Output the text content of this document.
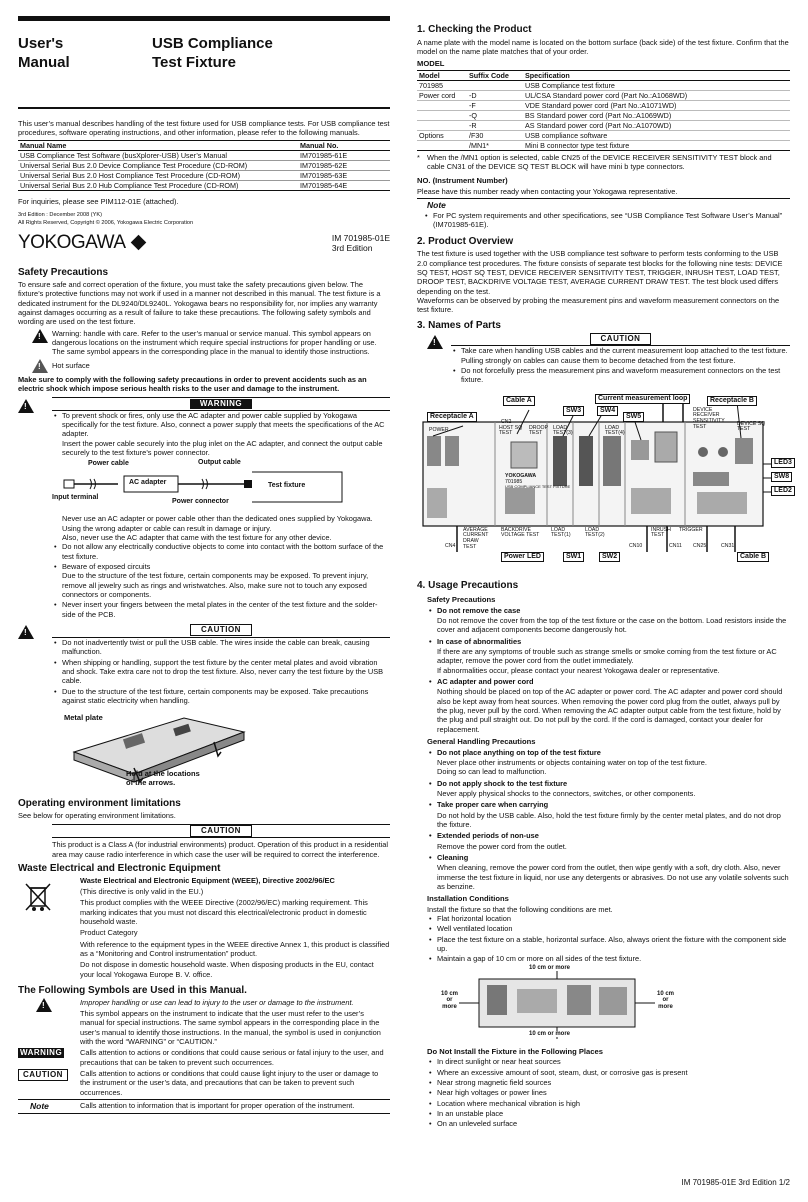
User's
Manual
USB Compliance
Test Fixture

This user’s manual describes handling of the test fixture used for USB compliance tests. For USB compliance test procedures, software operating instructions, and other information, please refer to the following manuals.

Manual Name	Manual No.
USB Compliance Test Software (busXplorer-USB) User’s Manual	IM701985-61E
Universal Serial Bus 2.0 Device Compliance Test Procedure (CD-ROM)	IM701985-62E
Universal Serial Bus 2.0 Host Compliance Test Procedure (CD-ROM)	IM701985-63E
Universal Serial Bus 2.0 Hub Compliance Test Procedure (CD-ROM)	IM701985-64E

For inquiries, please see PIM112-01E (attached).

3rd Edition : December 2008 (YK)
All Rights Reserved, Copyright © 2006, Yokogawa Electric Corporation
YOKOGAWA	IM 701985-01E
3rd Edition
Safety Precautions

To ensure safe and correct operation of the fixture, you must take the safety precautions given below. The fixture’s protective functions may not work if used in a manner not described in this manual. The test fixture is a dedicated instrument for the DL9240/DL9240L. Yokogawa bears no responsibility for, nor implies any warranty against damages occurring as a result of failure to take these precautions. The following safety symbols and wording are used on the test fixture.

!

Warning: handle with care. Refer to the user’s manual or service manual. This symbol appears on dangerous locations on the instrument which require special instructions for proper handling or use. The same symbol appears in the corresponding place in the manual to identify those instructions.

!

Hot surface

Make sure to comply with the following safety precautions in order to prevent accidents such as an electric shock which impose serious health risks to the user and damage to the instrument.

!
WARNING
• To prevent shock or fires, only use the AC adapter and power cable supplied by Yokogawa specifically for the test fixture. Also, connect a power supply that meets the specifications of the AC adapter.
Insert the power cable securely into the plug inlet on the AC adapter, and connect the output cable securely to the test fixture’s power connector.
Power cable	Output cable
AC adapter
Input terminal
Power connector
Test fixture
Never use an AC adapter or power cable other than the dedicated ones supplied by Yokogawa. Using the wrong adapter or cable can result in damage or injury.
Also, never use the AC adapter that came with the test fixture for any other device.
• Do not allow any electrically conductive objects to come into contact with the bottom surface of the test fixture.
• Beware of exposed circuits
Due to the structure of the test fixture, certain components may be exposed. To prevent injury, remove all jewelry such as rings and wristwatches. Also, make sure not to touch any exposed connectors or components.
• Never insert your fingers between the metal plates in the center of the test fixture and the solder-side of the PCB.
!
CAUTION
• Do not inadvertently twist or pull the USB cable. The wires inside the cable can break, causing malfunction.
• When shipping or handling, support the test fixture by the center metal plates and avoid vibration and shock. Take extra care not to drop the test fixture. Also, never carry the test fixture by the USB cable.
• Due to the structure of the test fixture, certain components may be exposed. Take precautions against static electricity when handling.
Metal plate
Hold at the locations
of the arrows.
Operating environment limitations

See below for operating environment limitations.

CAUTION

This product is a Class A (for industrial environments) product. Operation of this product in a residential area may cause radio interference in which case the user will be required to correct the interference.

Waste Electrical and Electronic Equipment

Waste Electrical and Electronic Equipment (WEEE), Directive 2002/96/EC

(This directive is only valid in the EU.)

This product complies with the WEEE Directive (2002/96/EC) marking requirement. This marking indicates that you must not discard this electrical/electronic product in domestic household waste.

Product Category

With reference to the equipment types in the WEEE directive Annex 1, this product is classified as a “Monitoring and Control instrumentation” product.

Do not dispose in domestic household waste. When disposing products in the EU, contact your local Yokogawa Europe B. V. office.

The Following Symbols are Used in this Manual.
!

Improper handling or use can lead to injury to the user or damage to the instrument.

This symbol appears on the instrument to indicate that the user must refer to the user’s manual for special instructions. The same symbol appears in the corresponding place in the user’s manual to identify those instructions. In the manual, the symbol is used in conjunction with the word “WARNING” or “CAUTION.”

WARNING	Calls attention to actions or conditions that could cause serious or fatal injury to the user, and precautions that can be taken to prevent such occurrences.

CAUTION	Calls attention to actions or conditions that could cause light injury to the user or damage to the instrument or the user’s data, and precautions that can be taken to prevent such occurrences.

Note	Calls attention to information that is important for proper operation of the instrument.

1. Checking the Product

A name plate with the model name is located on the bottom surface (back side) of the test fixture. Confirm that the model on the name plate matches that of your order.

MODEL
Model	Suffix Code	Specification
701985		USB Compliance test fixture
Power cord	-D	UL/CSA Standard power cord (Part No.:A1068WD)
	-F	VDE Standard power cord (Part No.:A1071WD)
	-Q	BS Standard power cord (Part No.:A1069WD)
	-R	AS Standard power cord (Part No.:A1070WD)
Options	/F30	USB compliance software
	/MN1*	Mini B connector type test fixture
* When the /MN1 option is selected, cable CN25 of the DEVICE RECEIVER SENSITIVITY TEST block and cable CN31 of the DEVICE SQ TEST BLOCK will have mini b type connectors.

NO. (Instrument Number)

Please have this number ready when contacting your Yokogawa representative.

Note
• For PC system requirements and other specifications, see “USB Compliance Test Software User’s Manual” (IM701985-61E).
2. Product Overview

The test fixture is used together with the USB compliance test software to perform tests conforming to the USB 2.0 compliance test procedures. The fixture consists of separate test blocks for the following nine tests: DEVICE SQ TEST, HOST SQ TEST, DEVICE RECEIVER SENSITIVITY TEST, TRIGGER, INRUSH TEST, LOAD TEST, DROOP TEST, BACKDRIVE VOLTAGE TEST, AVERAGE CURRENT DRAW TEST. The test block used differs depending on the test.

Waveforms can be observed by probing the measurement pins and waveform measurement connectors on the test fixture.

3. Names of Parts
!
CAUTION
• Take care when handling USB cables and the current measurement loop attached to the test fixture. Pulling strongly on cables can cause them to become detached from the test fixture.
• Do not forcefully press the measurement pins and waveform measurement connectors on the test fixture.
Cable A	Current measurement loop	Receptacle B
Receptacle A
SW3	SW4
SW5
LED3
SW8
LED2
Power LED	SW1	SW2	Cable B
POWER	HOST SQ TEST
DROOP TEST
LOAD TEST(3)
LOAD TEST(4)
DEVICE RECEIVER SENSITIVITY TEST
DEVICE SQ TEST
AVERAGE CURRENT DRAW TEST
BACKDRIVE VOLTAGE TEST
LOAD TEST(1)
LOAD TEST(2)
INRUSH TEST
TRIGGER
CN4	CN10	CN11 CN25	CN31
CN2
YOKOGAWA
701985
USB COMPLIANCE TEST FIXTURE
4. Usage Precautions
Safety Precautions
• Do not remove the case

Do not remove the cover from the top of the test fixture or the case on the bottom. Load resistors inside the cover and adjacent components become dangerously hot.

• In case of abnormalities

If there are any symptoms of trouble such as strange smells or smoke coming from the test fixture or AC adapter, remove the power cord from the outlet immediately.

If abnormalities occur, please contact your nearest Yokogawa dealer or representative.

• AC adapter and power cord

Nothing should be placed on top of the AC adapter or power cord. The AC adapter and power cord should also be kept away from heat sources. When removing the power cord plug from the outlet, always pull by the plug, never pull by the cord. When removing the AC adapter output cable from the test fixture, hold by the plug and pull straight out. Do not pull by the cord. If the cord is damaged, contact your dealer for replacement.

General Handling Precautions
• Do not place anything on top of the test fixture

Never place other instruments or objects containing water on top of the test fixture.

Doing so can lead to malfunction.

• Do not apply shock to the test fixture

Never apply physical shocks to the connectors, switches, or other components.

• Take proper care when carrying

Do not hold by the USB cable. Also, hold the test fixture firmly by the center metal plates, and do not drop the fixture.

• Extended periods of non-use

Remove the power cord from the outlet.

• Cleaning

When cleaning, remove the power cord from the outlet, then wipe gently with a soft, dry cloth. Also, never immerse the test fixture in liquid, nor use any detergents or abrasives. Do not use any volatile solvents such as benzine.

Installation Conditions

Install the fixture so that the following conditions are met.

• Flat horizontal location
• Well ventilated location
• Place the test fixture on a stable, horizontal surface. Also, always orient the fixture with the component side up.
• Maintain a gap of 10 cm or more on all sides of the test fixture.
10 cm or more
10 cm or more
10 cm
or
more
10 cm
or
more
Do Not Install the Fixture in the Following Places
• In direct sunlight or near heat sources
• Where an excessive amount of soot, steam, dust, or corrosive gas is present
• Near strong magnetic field sources
• Near high voltages or power lines
• Location where mechanical vibration is high
• In an unstable place
• On an unleveled surface
IM 701985-01E 3rd Edition 1/2
